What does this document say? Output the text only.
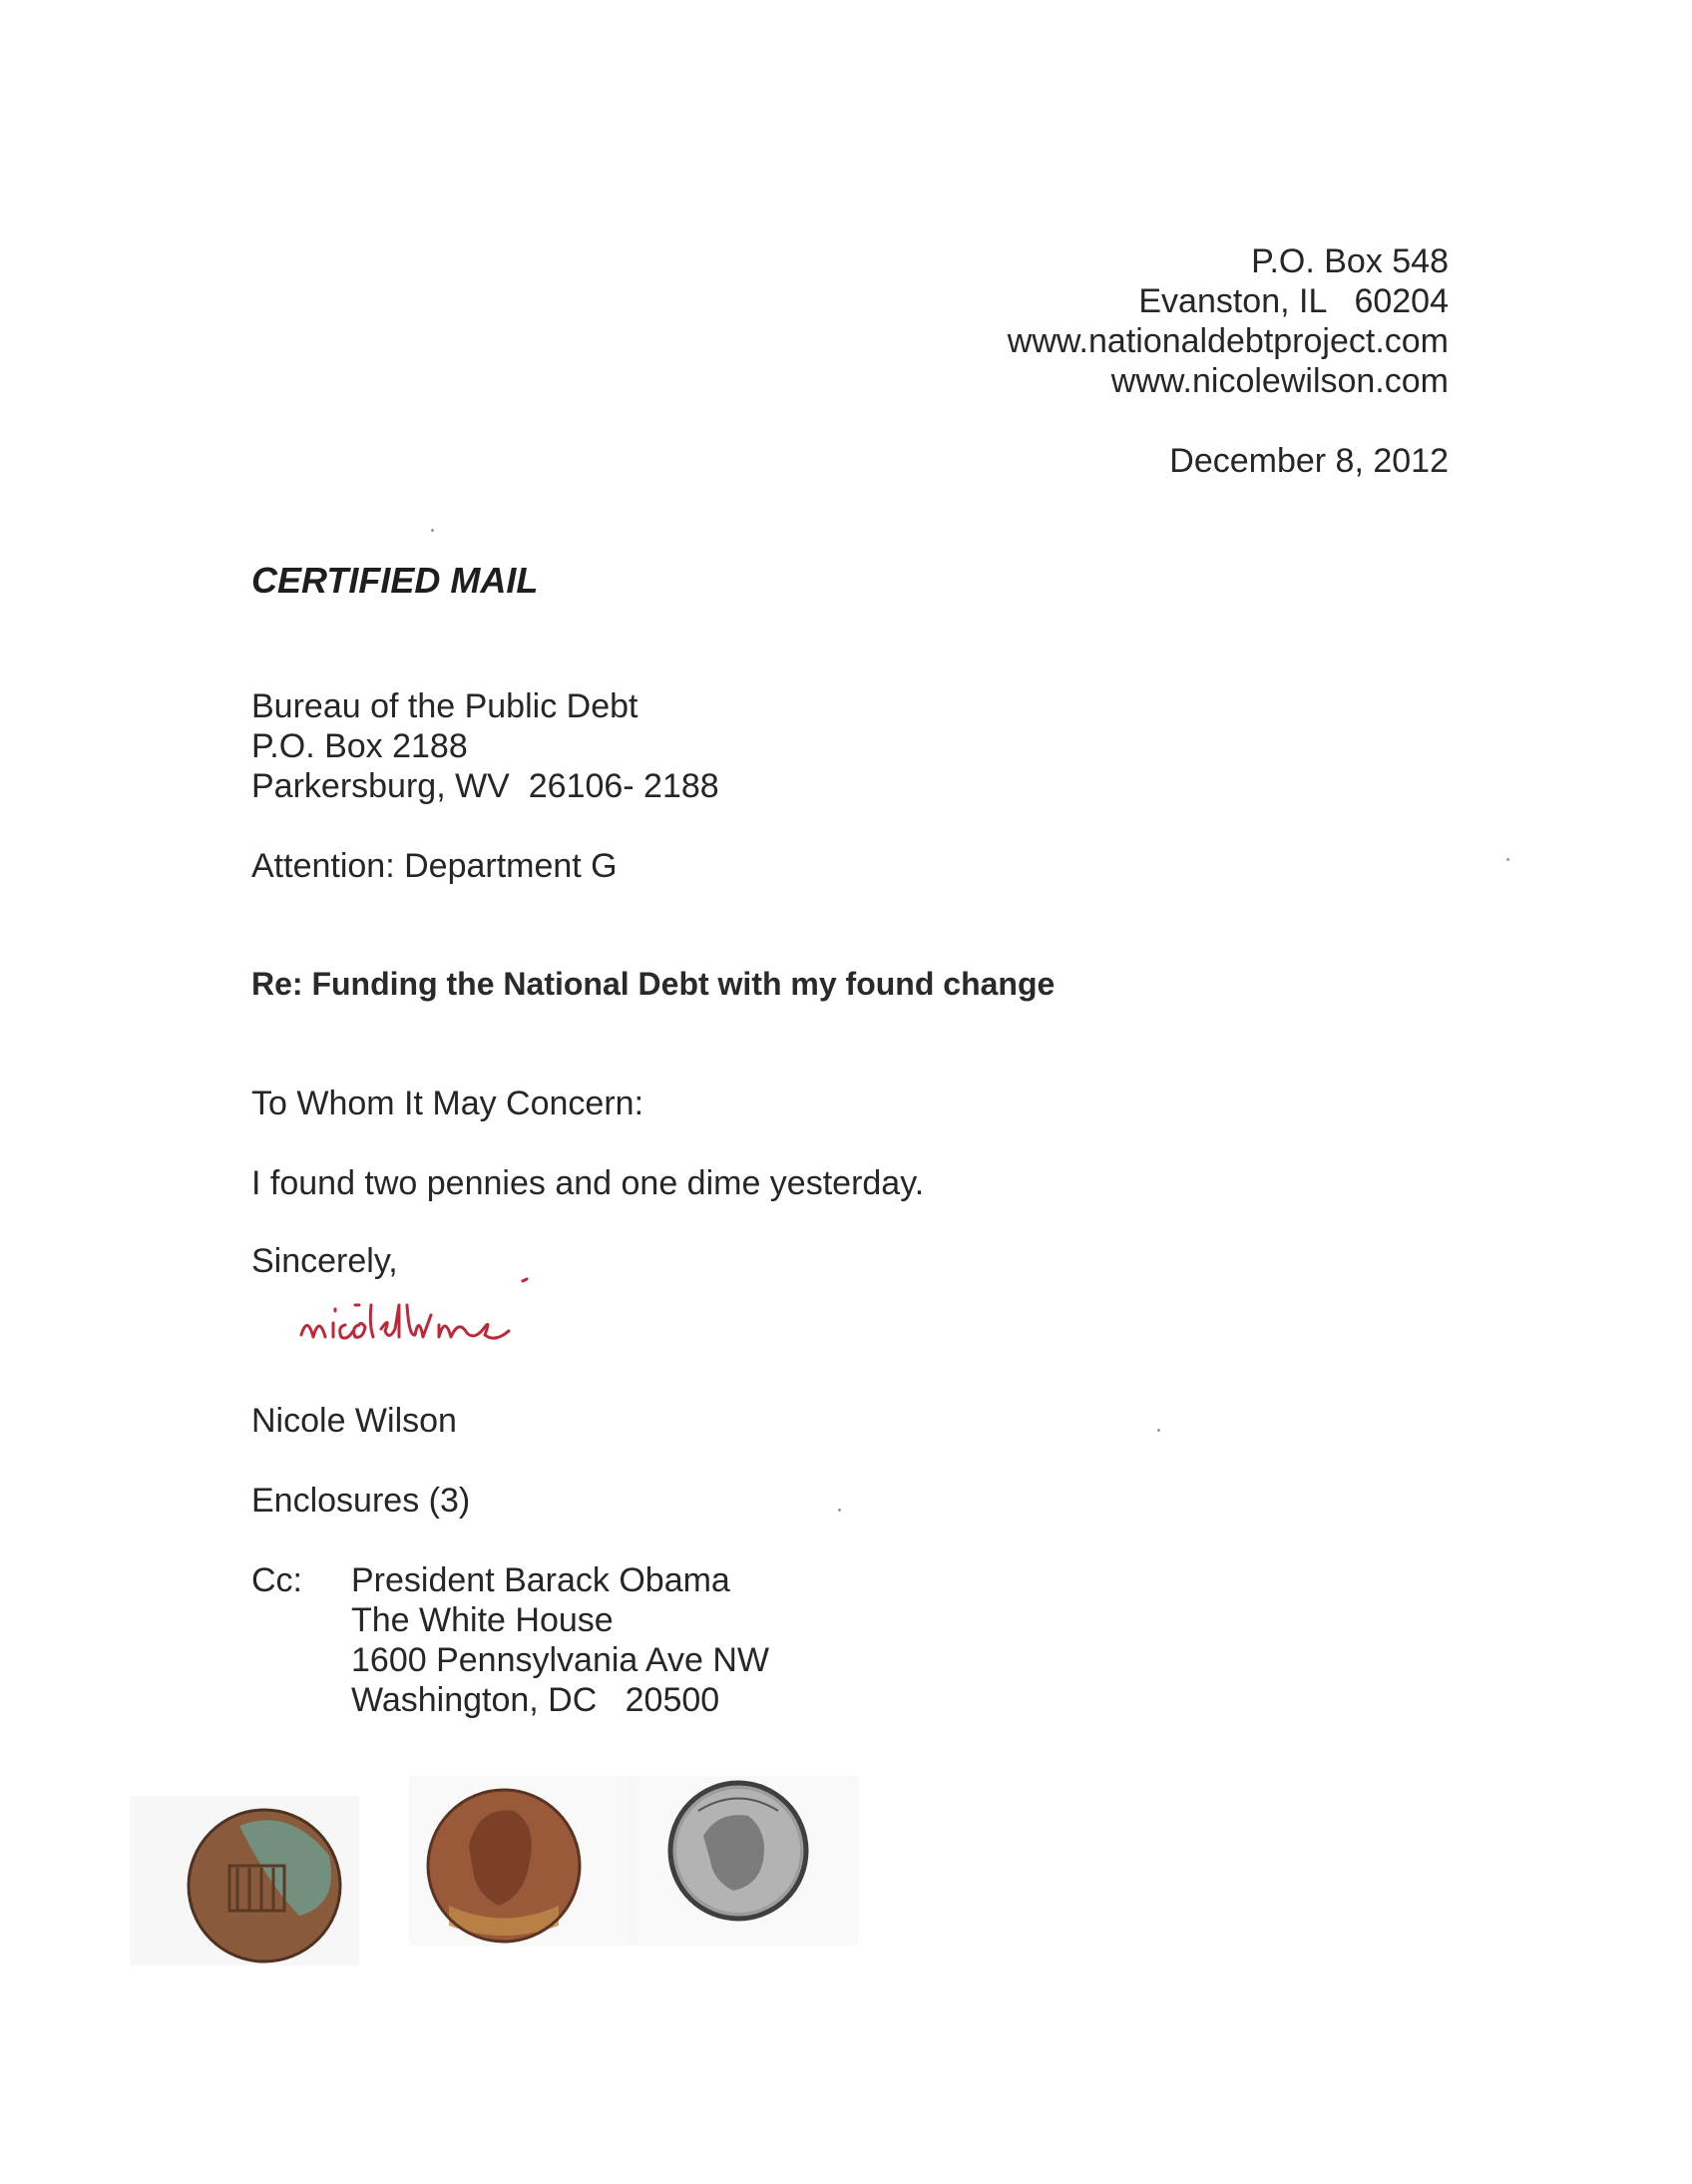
P.O. Box 548
Evanston, IL   60204
www.nationaldebtproject.com
www.nicolewilson.com
December 8, 2012
CERTIFIED MAIL
Bureau of the Public Debt
P.O. Box 2188
Parkersburg, WV  26106- 2188
Attention: Department G
Re: Funding the National Debt with my found change
To Whom It May Concern:
I found two pennies and one dime yesterday.
Sincerely,
Nicole Wilson
Enclosures (3)
Cc: President Barack Obama
The White House
1600 Pennsylvania Ave NW
Washington, DC   20500
